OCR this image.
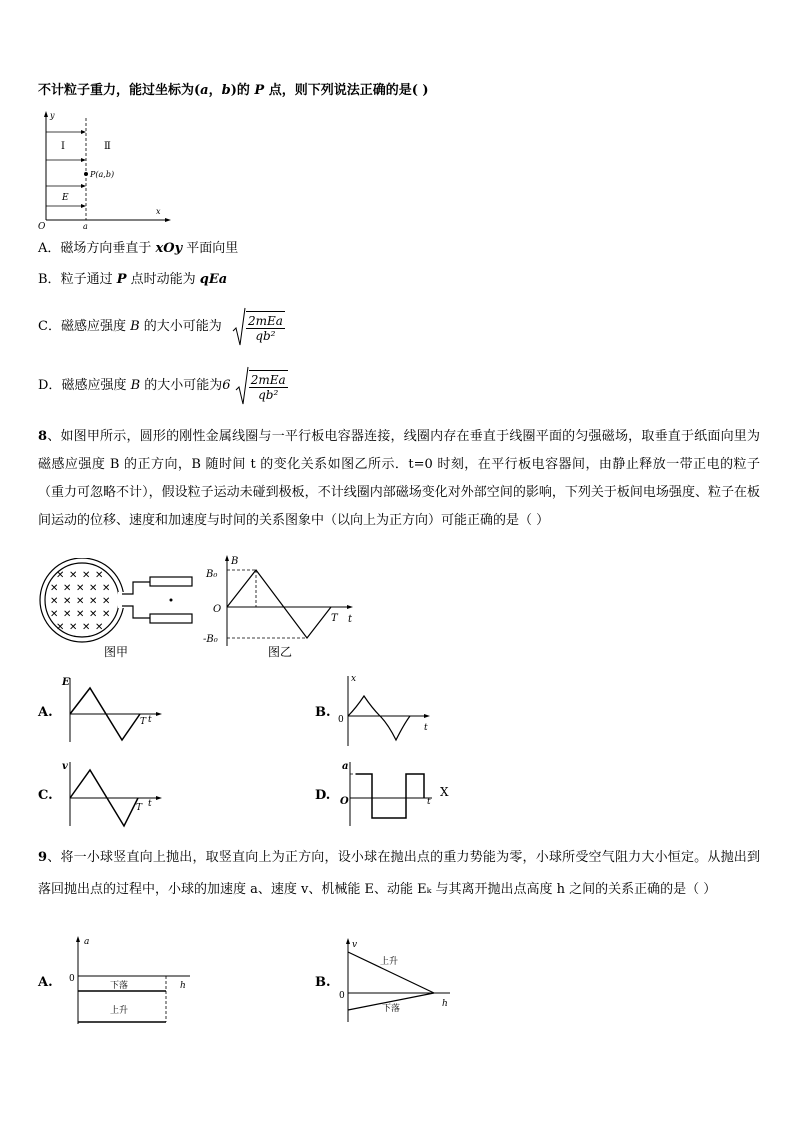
不计粒子重力，能过坐标为(a，b)的 P 点，则下列说法正确的是( )
y
x
O	a
Ⅰ	Ⅱ
E
P(a,b)
A．磁场方向垂直于 xOy 平面向里
B．粒子通过 P 点时动能为 qEa
C．磁感应强度 B 的大小可能为 $\frac{\text{2mEa}}{\text{qb²}}$
D．磁感应强度 B 的大小可能为$6 \frac{\text{2mEa}}{\text{qb²}}$
8、如图甲所示，圆形的刚性金属线圈与一平行板电容器连接，线圈内存在垂直于线圈平面的匀强磁场，取垂直于纸面向里为磁感应强度 B 的正方向，B 随时间 t 的变化关系如图乙所示．t=0 时刻，在平行板电容器间，由静止释放一带正电的粒子（重力可忽略不计），假设粒子运动未碰到极板，不计线圈内部磁场变化对外部空间的影响，下列关于板间电场强度、粒子在板间运动的位移、速度和加速度与时间的关系图象中（以向上为正方向）可能正确的是（ ）
✕ ✕ ✕ ✕
✕ ✕ ✕ ✕ ✕
✕ ✕ ✕ ✕ ✕
✕ ✕ ✕ ✕ ✕
✕ ✕ ✕ ✕
图甲
B
B₀
O
-B₀
T t
图乙
A.
E
T t	B.
x
0
t
C.
v
T t
D.
a
O	t
X
9、将一小球竖直向上抛出，取竖直向上为正方向，设小球在抛出点的重力势能为零，小球所受空气阻力大小恒定。从抛出到落回抛出点的过程中，小球的加速度 a、速度 v、机械能 E、动能 Eₖ 与其离开抛出点高度 h 之间的关系正确的是（ ）
A.
a
0
h
下落
上升
B.
v
0
h
上升
下落
